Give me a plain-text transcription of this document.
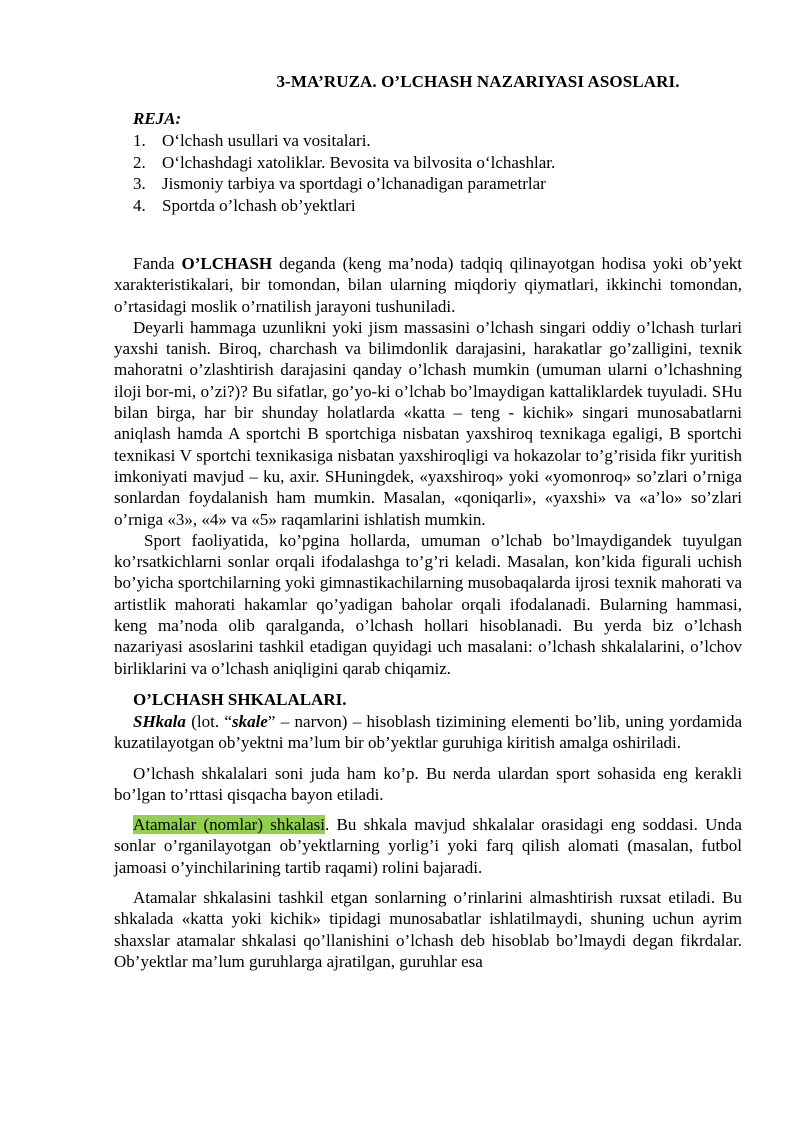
3-MA’RUZA. O’LCHASH NAZARIYASI ASOSLARI.
REJA:
1. O‘lchash usullari va vositalari.
2. O‘lchashdagi xatoliklar. Bevosita va bilvosita o‘lchashlar.
3. Jismoniy tarbiya va sportdagi o’lchanadigan parametrlar
4. Sportda o’lchash ob’yektlari

Fanda O’LCHASH deganda (keng ma’noda) tadqiq qilinayotgan hodisa yoki ob’yekt xarakteristikalari, bir tomondan, bilan ularning miqdoriy qiymatlari, ikkinchi tomondan, o’rtasidagi moslik o’rnatilish jarayoni tushuniladi.

Deyarli hammaga uzunlikni yoki jism massasini o’lchash singari oddiy o’lchash turlari yaxshi tanish. Biroq, charchash va bilimdonlik darajasini, harakatlar go’zalligini, texnik mahoratni o’zlashtirish darajasini qanday o’lchash mumkin (umuman ularni o’lchashning iloji bor-mi, o’zi?)? Bu sifatlar, go’yo-ki o’lchab bo’lmaydigan kattaliklardek tuyuladi. SHu bilan birga, har bir shunday holatlarda «katta – teng - kichik» singari munosabatlarni aniqlash hamda A sportchi B sportchiga nisbatan yaxshiroq texnikaga egaligi, B sportchi texnikasi V sportchi texnikasiga nisbatan yaxshiroqligi va hokazolar to’g’risida fikr yuritish imkoniyati mavjud – ku, axir. SHuningdek, «yaxshiroq» yoki «yomonroq» so’zlari o’rniga sonlardan foydalanish ham mumkin. Masalan, «qoniqarli», «yaxshi» va «a’lo» so’zlari o’rniga «3», «4» va «5» raqamlarini ishlatish mumkin.

Sport faoliyatida, ko’pgina hollarda, umuman o’lchab bo’lmaydigandek tuyulgan ko’rsatkichlarni sonlar orqali ifodalashga to’g’ri keladi. Masalan, kon’kida figurali uchish bo’yicha sportchilarning yoki gimnastikachilarning musobaqalarda ijrosi texnik mahorati va artistlik mahorati hakamlar qo’yadigan baholar orqali ifodalanadi. Bularning hammasi, keng ma’noda olib qaralganda, o’lchash hollari hisoblanadi. Bu yerda biz o’lchash nazariyasi asoslarini tashkil etadigan quyidagi uch masalani: o’lchash shkalalarini, o’lchov birliklarini va o’lchash aniqligini qarab chiqamiz.

O’LCHASH SHKALALARI.

SHkala (lot. “skale” – narvon) – hisoblash tizimining elementi bo’lib, uning yordamida kuzatilayotgan ob’yektni ma’lum bir ob’yektlar guruhiga kiritish amalga oshiriladi.

O’lchash shkalalari soni juda ham ko’p. Bu ɴerda ulardan sport sohasida eng kerakli bo’lgan to’rttasi qisqacha bayon etiladi.

Atamalar (nomlar) shkalasi. Bu shkala mavjud shkalalar orasidagi eng soddasi. Unda sonlar o’rganilayotgan ob’yektlarning yorlig’i yoki farq qilish alomati (masalan, futbol jamoasi o’yinchilarining tartib raqami) rolini bajaradi.

Atamalar shkalasini tashkil etgan sonlarning o’rinlarini almashtirish ruxsat etiladi. Bu shkalada «katta yoki kichik» tipidagi munosabatlar ishlatilmaydi, shuning uchun ayrim shaxslar atamalar shkalasi qo’llanishini o’lchash deb hisoblab bo’lmaydi degan fikrdalar. Ob’yektlar ma’lum guruhlarga ajratilgan, guruhlar esa
